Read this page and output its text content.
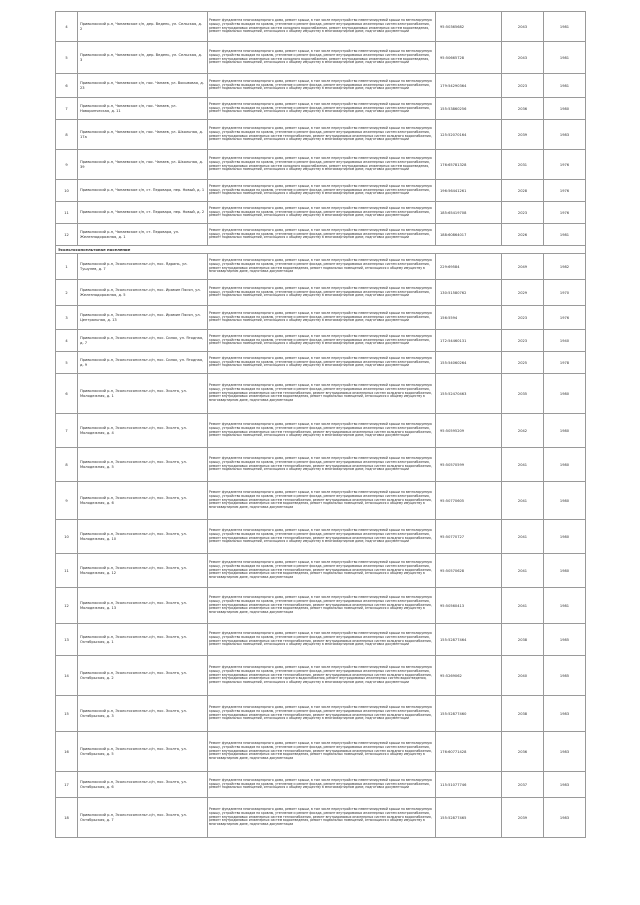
4	Приволжский р-н, Чапаевское с/п, дер. Ведень, ул. Сельская, д. 2	Ремонт фундамента многоквартирного дома, ремонт крыши, в том числе переустройство невентилируемой крыши на вентилируемую крышу, устройство выходов на кровлю, утепление и ремонт фасада, ремонт внутридомовых инженерных систем электроснабжения, ремонт внутридомовых инженерных систем холодного водоснабжения, ремонт внутридомовых инженерных систем водоотведения, ремонт подвальных помещений, относящихся к общему имуществу в многоквартирном доме, подготовка документации	95:50365682	2043	1981
5	Приволжский р-н, Чапаевское с/п, дер. Ведень, ул. Сельская, д. 3	Ремонт фундамента многоквартирного дома, ремонт крыши, в том числе переустройство невентилируемой крыши на вентилируемую крышу, устройство выходов на кровлю, утепление и ремонт фасада, ремонт внутридомовых инженерных систем электроснабжения, ремонт внутридомовых инженерных систем холодного водоснабжения, ремонт внутридомовых инженерных систем водоотведения, ремонт подвальных помещений, относящихся к общему имуществу в многоквартирном доме, подготовка документации	95:50665728	2043	1981
6	Приволжский р-н, Чапаевское с/п, пос. Чапаев, ул. Восьмовая, д. 23	Ремонт фундамента многоквартирного дома, ремонт крыши, в том числе переустройство невентилируемой крыши на вентилируемую крышу, устройство выходов на кровлю, утепление и ремонт фасада, ремонт внутридомовых инженерных систем электроснабжения, ремонт подвальных помещений, относящихся к общему имуществу в многоквартирном доме, подготовка документации	179:54290364	2023	1981
7	Приволжский р-н, Чапаевское с/п, пос. Чапаев, ул. Новоринческая, д. 11	Ремонт фундамента многоквартирного дома, ремонт крыши, в том числе переустройство невентилируемой крыши на вентилируемую крышу, устройство выходов на кровлю, утепление и ремонт фасада, ремонт внутридомовых инженерных систем электроснабжения, ремонт подвальных помещений, относящихся к общему имуществу в многоквартирном доме, подготовка документации	155:53860256	2036	1980
8	Приволжский р-н, Чапаевское с/п, пос. Чапаев, ул. Школьная, д. 17а	Ремонт фундамента многоквартирного дома, ремонт крыши, в том числе переустройство невентилируемой крыши на вентилируемую крышу, устройство выходов на кровлю, утепление и ремонт фасада, ремонт внутридомовых инженерных систем электроснабжения, ремонт внутридомовых инженерных систем теплоснабжения, ремонт внутридомовых инженерных систем холодного водоснабжения, ремонт подвальных помещений, относящихся к общему имуществу в многоквартирном доме, подготовка документации	125:52070164	2039	1983
9	Приволжский р-н, Чапаевское с/п, пос. Чапаев, ул. Школьная, д. 39	Ремонт фундамента многоквартирного дома, ремонт крыши, в том числе переустройство невентилируемой крыши на вентилируемую крышу, устройство выходов на кровлю, утепление и ремонт фасада, ремонт внутридомовых инженерных систем электроснабжения, ремонт внутридомовых инженерных систем холодного водоснабжения, ремонт внутридомовых инженерных систем водоотведения, ремонт подвальных помещений, относящихся к общему имуществу в многоквартирном доме, подготовка документации	176:65781328	2031	1976
10	Приволжский р-н, Чапаевское с/п, ст. Педовара, пер. Новый, д. 1	Ремонт фундамента многоквартирного дома, ремонт крыши, в том числе переустройство невентилируемой крыши на вентилируемую крышу, устройство выходов на кровлю, утепление и ремонт фасада, ремонт внутридомовых инженерных систем электроснабжения, ремонт подвальных помещений, относящихся к общему имуществу в многоквартирном доме, подготовка документации	196:56441261	2028	1976
11	Приволжский р-н, Чапаевское с/п, ст. Педовара, пер. Новый, д. 2	Ремонт фундамента многоквартирного дома, ремонт крыши, в том числе переустройство невентилируемой крыши на вентилируемую крышу, устройство выходов на кровлю, утепление и ремонт фасада, ремонт внутридомовых инженерных систем электроснабжения, ремонт подвальных помещений, относящихся к общему имуществу в многоквартирном доме, подготовка документации	185:65419708	2023	1976
12	Приволжский р-н, Чапаевское с/п, ст. Педовара, ул. Железнодорожная, д. 1	Ремонт фундамента многоквартирного дома, ремонт крыши, в том числе переустройство невентилируемой крыши на вентилируемую крышу, устройство выходов на кровлю, утепление и ремонт фасада, ремонт внутридомовых инженерных систем электроснабжения, ремонт подвальных помещений, относящихся к общему имуществу в многоквартирном доме, подготовка документации	188:60864017	2026	1981
Эсольтосонсельтонае поселение					
1	Приволжский р-н, Эсольтосонсельт.с/п, пос. Ядрань, ул. Тушулев, д. 7	Ремонт фундамента многоквартирного дома, ремонт крыши, в том числе переустройство невентилируемой крыши на вентилируемую крышу, устройство выходов на кровлю, утепление и ремонт фасада, ремонт внутридомовых инженерных систем электроснабжения, ремонт внутридомовых инженерных систем водоотведения, ремонт подвальных помещений, относящихся к общему имуществу в многоквартирном доме, подготовка документации	229:69584	2049	1982
2	Приволжский р-н, Эсольтосонсельт.с/п, пос. Ирамин Пясян, ул. Железнодорожная, д. 5	Ремонт фундамента многоквартирного дома, ремонт крыши, в том числе переустройство невентилируемой крыши на вентилируемую крышу, устройство выходов на кровлю, утепление и ремонт фасада, ремонт внутридомовых инженерных систем электроснабжения, ремонт подвальных помещений, относящихся к общему имуществу в многоквартирном доме, подготовка документации	130:51580762	2029	1970
3	Приволжский р-н, Эсольтосонсельт.с/п, пос. Ирамин Пясян, ул. Центральная, д. 13	Ремонт фундамента многоквартирного дома, ремонт крыши, в том числе переустройство невентилируемой крыши на вентилируемую крышу, устройство выходов на кровлю, утепление и ремонт фасада, ремонт внутридомовых инженерных систем электроснабжения, ремонт подвальных помещений, относящихся к общему имуществу в многоквартирном доме, подготовка документации	156:5594	2023	1976
4	Приволжский р-н, Эсольтосонсельт.с/п, пос. Силок, ул. Ягодная, д. 7	Ремонт фундамента многоквартирного дома, ремонт крыши, в том числе переустройство невентилируемой крыши на вентилируемую крышу, устройство выходов на кровлю, утепление и ремонт фасада, ремонт внутридомовых инженерных систем электроснабжения, ремонт подвальных помещений, относящихся к общему имуществу в многоквартирном доме, подготовка документации	172:54460131	2023	1940
5	Приволжский р-н, Эсольтосонсельт.с/п, пос. Силок, ул. Ягодная, д. 9	Ремонт фундамента многоквартирного дома, ремонт крыши, в том числе переустройство невентилируемой крыши на вентилируемую крышу, устройство выходов на кровлю, утепление и ремонт фасада, ремонт внутридомовых инженерных систем электроснабжения, ремонт подвальных помещений, относящихся к общему имуществу в многоквартирном доме, подготовка документации	155:54060264	2025	1978
6	Приволжский р-н, Эсольтосонсельт.с/п, пос. Эсолта, ул. Молодежная, д. 1	Ремонт фундамента многоквартирного дома, ремонт крыши, в том числе переустройство невентилируемой крыши на вентилируемую крышу, устройство выходов на кровлю, утепление и ремонт фасада, ремонт внутридомовых инженерных систем электроснабжения, ремонт внутридомовых инженерных систем теплоснабжения, ремонт внутридомовых инженерных систем холодного водоснабжения, ремонт внутридомовых инженерных систем водоотведения, ремонт подвальных помещений, относящихся к общему имуществу в многоквартирном доме, подготовка документации	155:52470463	2035	1980
7	Приволжский р-н, Эсольтосонсельт.с/п, пос. Эсолта, ул. Молодежная, д. 4	Ремонт фундамента многоквартирного дома, ремонт крыши, в том числе переустройство невентилируемой крыши на вентилируемую крышу, устройство выходов на кровлю, утепление и ремонт фасада, ремонт внутридомовых инженерных систем электроснабжения, ремонт внутридомовых инженерных систем теплоснабжения, ремонт внутридомовых инженерных систем холодного водоснабжения, ремонт подвальных помещений, относящихся к общему имуществу в многоквартирном доме, подготовка документации	95:50595209	2042	1980
8	Приволжский р-н, Эсольтосонсельт.с/п, пос. Эсолта, ул. Молодежная, д. 5	Ремонт фундамента многоквартирного дома, ремонт крыши, в том числе переустройство невентилируемой крыши на вентилируемую крышу, устройство выходов на кровлю, утепление и ремонт фасада, ремонт внутридомовых инженерных систем электроснабжения, ремонт внутридомовых инженерных систем теплоснабжения, ремонт внутридомовых инженерных систем холодного водоснабжения, ремонт подвальных помещений, относящихся к общему имуществу в многоквартирном доме, подготовка документации	95:50570599	2041	1980
9	Приволжский р-н, Эсольтосонсельт.с/п, пос. Эсолта, ул. Молодежная, д. 6	Ремонт фундамента многоквартирного дома, ремонт крыши, в том числе переустройство невентилируемой крыши на вентилируемую крышу, устройство выходов на кровлю, утепление и ремонт фасада, ремонт внутридомовых инженерных систем электроснабжения, ремонт внутридомовых инженерных систем теплоснабжения, ремонт внутридомовых инженерных систем холодного водоснабжения, ремонт внутридомовых инженерных систем водоотведения, ремонт подвальных помещений, относящихся к общему имуществу в многоквартирном доме, подготовка документации	95:50770605	2041	1980
10	Приволжский р-н, Эсольтосонсельт.с/п, пос. Эсолта, ул. Молодежная, д. 10	Ремонт фундамента многоквартирного дома, ремонт крыши, в том числе переустройство невентилируемой крыши на вентилируемую крышу, устройство выходов на кровлю, утепление и ремонт фасада, ремонт внутридомовых инженерных систем электроснабжения, ремонт внутридомовых инженерных систем теплоснабжения, ремонт внутридомовых инженерных систем холодного водоснабжения, ремонт подвальных помещений, относящихся к общему имуществу в многоквартирном доме, подготовка документации	95:50770727	2041	1980
11	Приволжский р-н, Эсольтосонсельт.с/п, пос. Эсолта, ул. Молодежная, д. 12	Ремонт фундамента многоквартирного дома, ремонт крыши, в том числе переустройство невентилируемой крыши на вентилируемую крышу, устройство выходов на кровлю, утепление и ремонт фасада, ремонт внутридомовых инженерных систем электроснабжения, ремонт внутридомовых инженерных систем теплоснабжения, ремонт внутридомовых инженерных систем холодного водоснабжения, ремонт внутридомовых инженерных систем водоотведения, ремонт подвальных помещений, относящихся к общему имуществу в многоквартирном доме, подготовка документации	95:50570628	2041	1980
12	Приволжский р-н, Эсольтосонсельт.с/п, пос. Эсолта, ул. Молодежная, д. 13	Ремонт фундамента многоквартирного дома, ремонт крыши, в том числе переустройство невентилируемой крыши на вентилируемую крышу, устройство выходов на кровлю, утепление и ремонт фасада, ремонт внутридомовых инженерных систем электроснабжения, ремонт внутридомовых инженерных систем теплоснабжения, ремонт внутридомовых инженерных систем холодного водоснабжения, ремонт внутридомовых инженерных систем водоотведения, ремонт подвальных помещений, относящихся к общему имуществу в многоквартирном доме, подготовка документации	95:50560413	2041	1981
13	Приволжский р-н, Эсольтосонсельт.с/п, пос. Эсолта, ул. Октябрьская, д. 1	Ремонт фундамента многоквартирного дома, ремонт крыши, в том числе переустройство невентилируемой крыши на вентилируемую крышу, устройство выходов на кровлю, утепление и ремонт фасада, ремонт внутридомовых инженерных систем электроснабжения, ремонт внутридомовых инженерных систем теплоснабжения, ремонт внутридомовых инженерных систем холодного водоснабжения, ремонт подвальных помещений, относящихся к общему имуществу в многоквартирном доме, подготовка документации	155:52877464	2038	1985
14	Приволжский р-н, Эсольтосонсельт.с/п, пос. Эсолта, ул. Октябрьская, д. 2	Ремонт фундамента многоквартирного дома, ремонт крыши, в том числе переустройство невентилируемой крыши на вентилируемую крышу, устройство выходов на кровлю, утепление и ремонт фасада, ремонт внутридомовых инженерных систем электроснабжения, ремонт внутридомовых инженерных систем теплоснабжения, ремонт внутридомовых инженерных систем холодного водоснабжения, ремонт внутридомовых инженерных систем горячего водоснабжения, ремонт внутридомовых инженерных систем водоотведения, ремонт подвальных помещений, относящихся к общему имуществу в многоквартирном доме, подготовка документации	95:5269062	2040	1985
15	Приволжский р-н, Эсольтосонсельт.с/п, пос. Эсолта, ул. Октябрьская, д. 3	Ремонт фундамента многоквартирного дома, ремонт крыши, в том числе переустройство невентилируемой крыши на вентилируемую крышу, устройство выходов на кровлю, утепление и ремонт фасада, ремонт внутридомовых инженерных систем электроснабжения, ремонт внутридомовых инженерных систем теплоснабжения, ремонт внутридомовых инженерных систем холодного водоснабжения, ремонт подвальных помещений, относящихся к общему имуществу в многоквартирном доме, подготовка документации	155:52877460	2038	1983
16	Приволжский р-н, Эсольтосонсельт.с/п, пос. Эсолта, ул. Октябрьская, д. 5	Ремонт фундамента многоквартирного дома, ремонт крыши, в том числе переустройство невентилируемой крыши на вентилируемую крышу, устройство выходов на кровлю, утепление и ремонт фасада, ремонт внутридомовых инженерных систем электроснабжения, ремонт внутридомовых инженерных систем теплоснабжения, ремонт внутридомовых инженерных систем холодного водоснабжения, ремонт внутридомовых инженерных систем водоотведения, ремонт подвальных помещений, относящихся к общему имуществу в многоквартирном доме, подготовка документации	176:60771428	2036	1983
17	Приволжский р-н, Эсольтосонсельт.с/п, пос. Эсолта, ул. Октябрьская, д. 6	Ремонт фундамента многоквартирного дома, ремонт крыши, в том числе переустройство невентилируемой крыши на вентилируемую крышу, устройство выходов на кровлю, утепление и ремонт фасада, ремонт внутридомовых инженерных систем электроснабжения, ремонт подвальных помещений, относящихся к общему имуществу в многоквартирном доме, подготовка документации	115:51077746	2037	1983
18	Приволжский р-н, Эсольтосонсельт.с/п, пос. Эсолта, ул. Октябрьская, д. 7	Ремонт фундамента многоквартирного дома, ремонт крыши, в том числе переустройство невентилируемой крыши на вентилируемую крышу, устройство выходов на кровлю, утепление и ремонт фасада, ремонт внутридомовых инженерных систем электроснабжения, ремонт внутридомовых инженерных систем теплоснабжения, ремонт внутридомовых инженерных систем холодного водоснабжения, ремонт внутридомовых инженерных систем водоотведения, ремонт подвальных помещений, относящихся к общему имуществу в многоквартирном доме, подготовка документации	155:52877465	2039	1983
